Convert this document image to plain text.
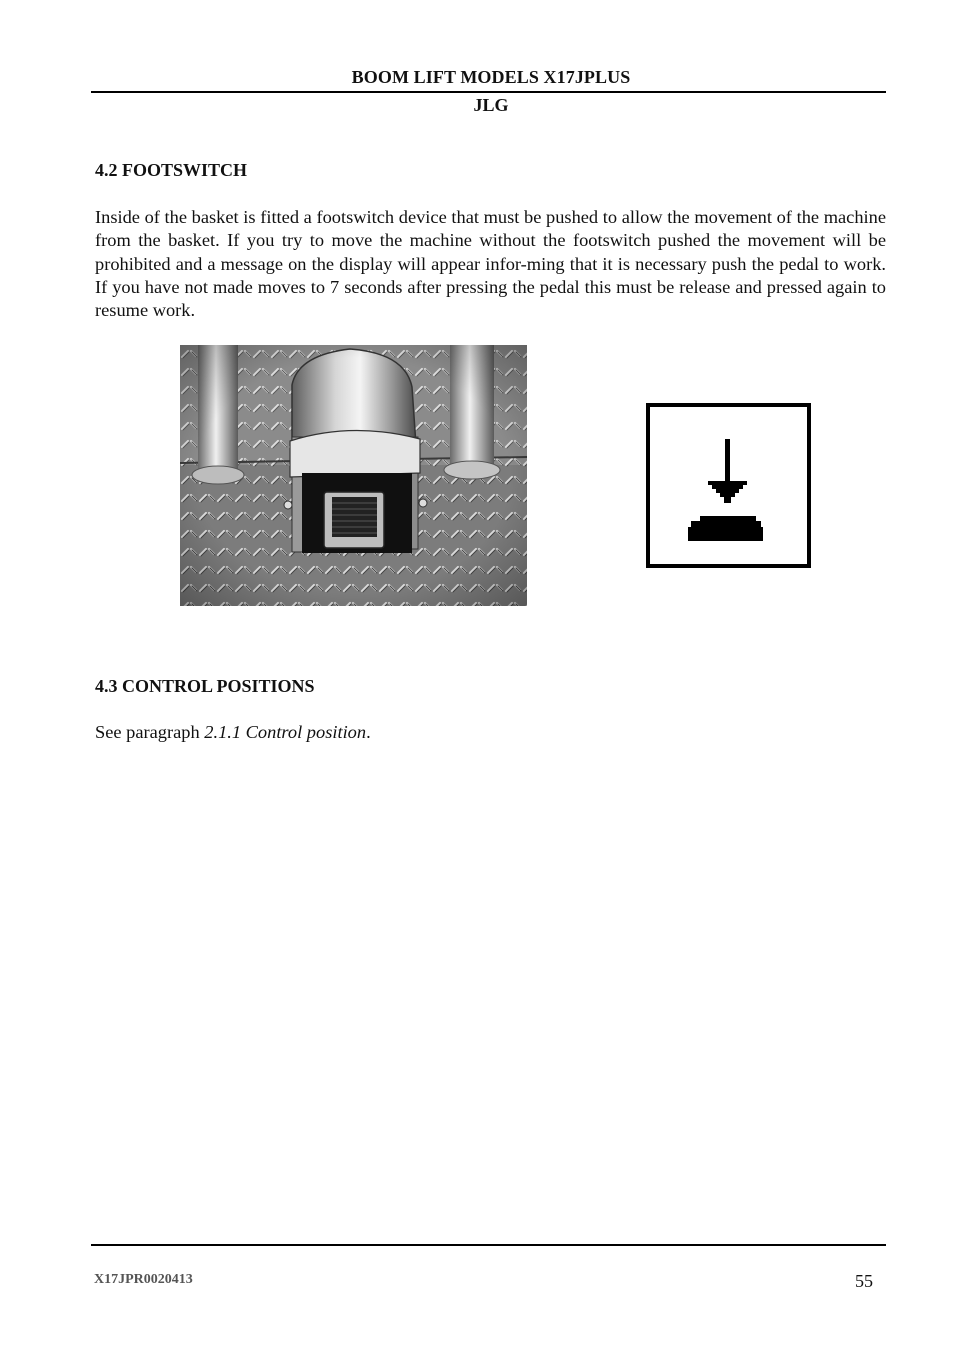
BOOM LIFT MODELS X17JPLUS
JLG
4.2 FOOTSWITCH
Inside of the basket is fitted a footswitch device that must be pushed to allow the movement of the machine from the basket. If you try to move the machine without the footswitch pushed the movement will be prohibited and a message on the display will appear infor-ming that it is necessary push the pedal to work. If you have not made moves to 7 seconds after pressing the pedal this must be release and pressed again to resume work.
4.3 CONTROL POSITIONS
See paragraph 2.1.1 Control position.
X17JPR0020413	55
